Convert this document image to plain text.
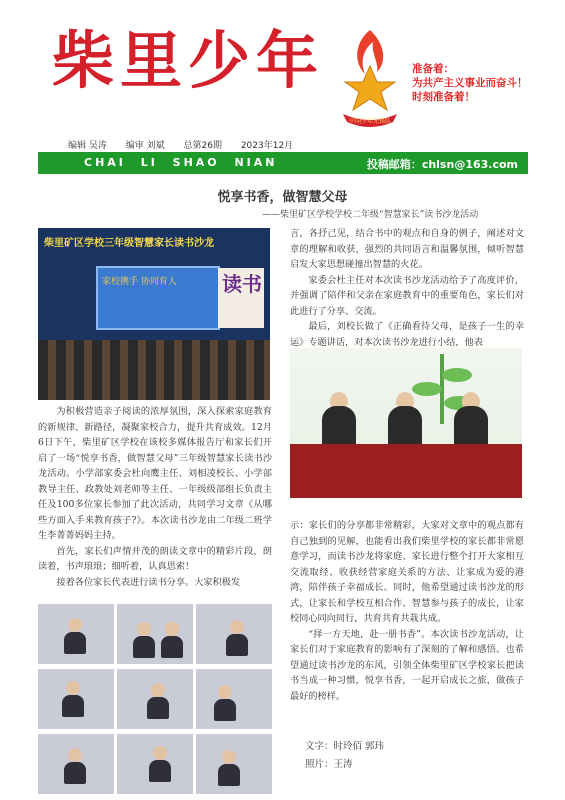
柴里少年
中国少年先锋队
准备着：
为共产主义事业而奋斗！
时刻准备着！
编辑 吴涛 编审 刘斌 总第26期 2023年12月
CHAI LI SHAO NIAN	投稿邮箱：chlsn@163.com
悦享书香，做智慧父母
——柴里矿区学校学校二年级“智慧家长”读书沙龙活动
柴里矿区学校三年级智慧家长读书沙龙
家校携手 协同育人 读书

为积极营造亲子阅读的浓厚氛围，深入探索家庭教育的新规律、新路径，凝聚家校合力，提升共育成效。12月6日下午，柴里矿区学校在该校多媒体报告厅和家长们开启了一场“悦享书香，做智慧父母”三年级智慧家长读书沙龙活动。小学部家委会杜向鹰主任、刘相凌校长、小学部教导主任、政教处刘老师等主任、一年级级部组长负责主任及100多位家长参加了此次活动，共同学习文章《从哪些方面入手来教育孩子?》。本次读书沙龙由二年级二班学生李菁菁妈妈主持。

首先，家长们声情并茂的朗读文章中的精彩片段，朗读着，书声琅琅；细听着，认真思索！

接着各位家长代表进行读书分享。大家积极发

言，各抒己见，结合书中的观点和自身的例子，阐述对文章的理解和收获，强烈的共同语言和温馨氛围，倾听智慧启发大家思想碰撞出智慧的火花。

家委会杜主任对本次读书沙龙活动给予了高度评价，并强调了陪伴和父亲在家庭教育中的重要角色，家长们对此进行了分享、交流。

最后，刘校长做了《正确看待父母，是孩子一生的幸运》专题讲话，对本次读书沙龙进行小结，他表

示：家长们的分享都非常精彩，大家对文章中的观点都有自己独到的见解，也能看出我们柴里学校的家长都非常愿意学习，而读书沙龙将家庭、家长进行整个打开大家相互交流取经、收获经营家庭关系的方法、让家成为爱的港湾，陪伴孩子幸福成长。同时，他希望通过读书沙龙的形式，让家长和学校互相合作、智慧参与孩子的成长，让家校同心同向同行，共育共育共栽共成。

“择一方天地，赴一册书香”。本次读书沙龙活动，让家长们对于家庭教育的影响有了深刻的了解和感悟。也希望通过读书沙龙的东风，引领全体柴里矿区学校家长把读书当成一种习惯，悦享书香，一起开启成长之旅，做孩子最好的榜样。

文字：时玲佰 郭玮
照片：王涛
